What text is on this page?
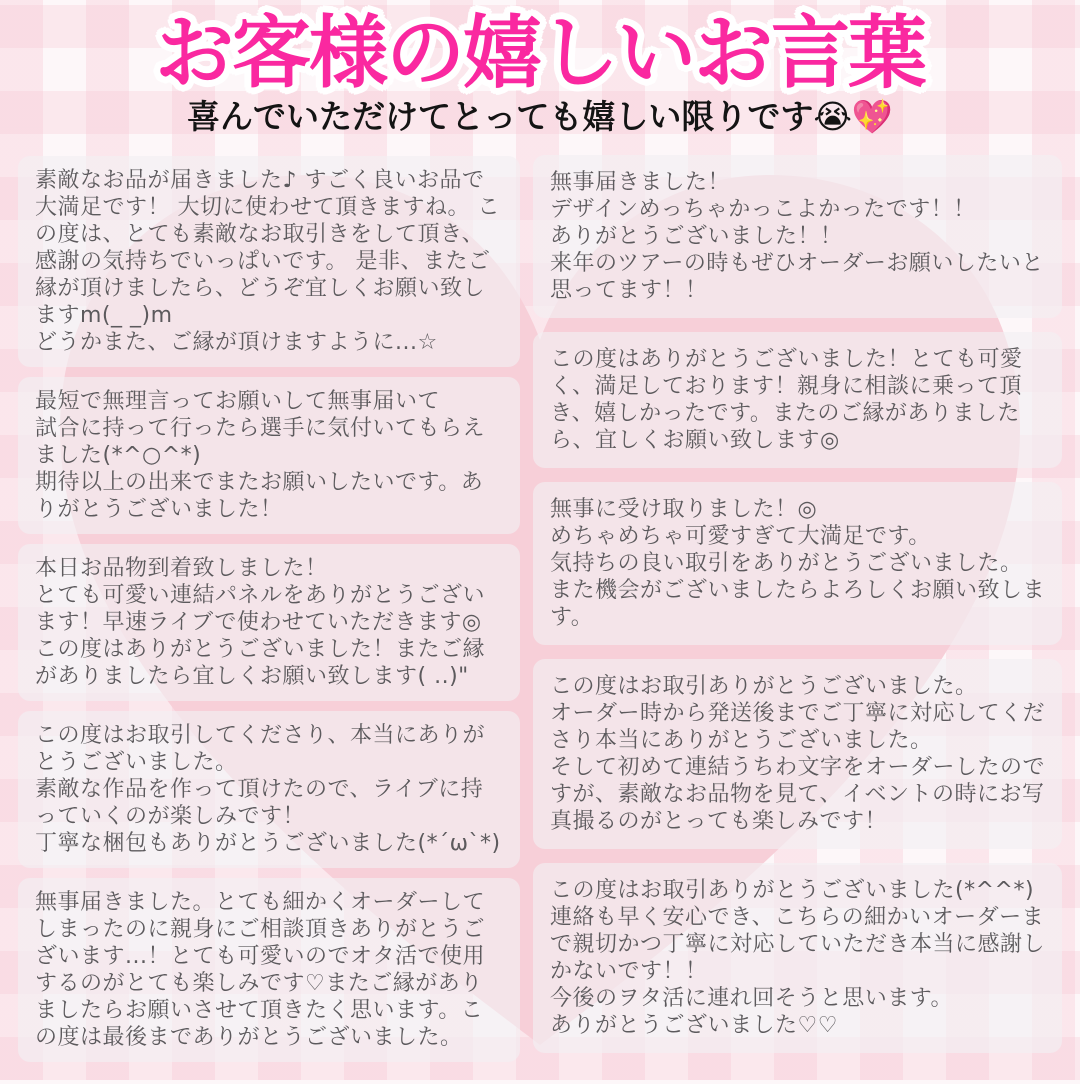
お客様の嬉しいお言葉
喜んでいただけてとっても嬉しい限りです😭💖
素敵なお品が届きました♪ すごく良いお品で大満足です！ 大切に使わせて頂きますね。 この度は、とても素敵なお取引きをして頂き、感謝の気持ちでいっぱいです。 是非、またご縁が頂けましたら、どうぞ宜しくお願い致しますm(_ _)m
どうかまた、ご縁が頂けますように...☆
最短で無理言ってお願いして無事届いて
試合に持って行ったら選手に気付いてもらえました(*^○^*)
期待以上の出来でまたお願いしたいです。ありがとうございました！
本日お品物到着致しました！
とても可愛い連結パネルをありがとうございます！早速ライブで使わせていただきます◎この度はありがとうございました！またご縁がありましたら宜しくお願い致します( ..)"
この度はお取引してくださり、本当にありがとうございました。
素敵な作品を作って頂けたので、ライブに持っていくのが楽しみです！
丁寧な梱包もありがとうございました(*´ω`*)
無事届きました。とても細かくオーダーしてしまったのに親身にご相談頂きありがとうございます...！とても可愛いのでオタ活で使用するのがとても楽しみです♡またご縁がありましたらお願いさせて頂きたく思います。この度は最後までありがとうございました。
無事届きました！
デザインめっちゃかっこよかったです！！
ありがとうございました！！
来年のツアーの時もぜひオーダーお願いしたいと思ってます！！
この度はありがとうございました！とても可愛く、満足しております！親身に相談に乗って頂き、嬉しかったです。またのご縁がありましたら、宜しくお願い致します◎
無事に受け取りました！◎
めちゃめちゃ可愛すぎて大満足です。
気持ちの良い取引をありがとうございました。
また機会がございましたらよろしくお願い致します。
この度はお取引ありがとうございました。
オーダー時から発送後までご丁寧に対応してくださり本当にありがとうございました。
そして初めて連結うちわ文字をオーダーしたのですが、素敵なお品物を見て、イベントの時にお写真撮るのがとっても楽しみです！
この度はお取引ありがとうございました(*^^*)
連絡も早く安心でき、こちらの細かいオーダーまで親切かつ丁寧に対応していただき本当に感謝しかないです！！
今後のヲタ活に連れ回そうと思います。
ありがとうございました♡♡
